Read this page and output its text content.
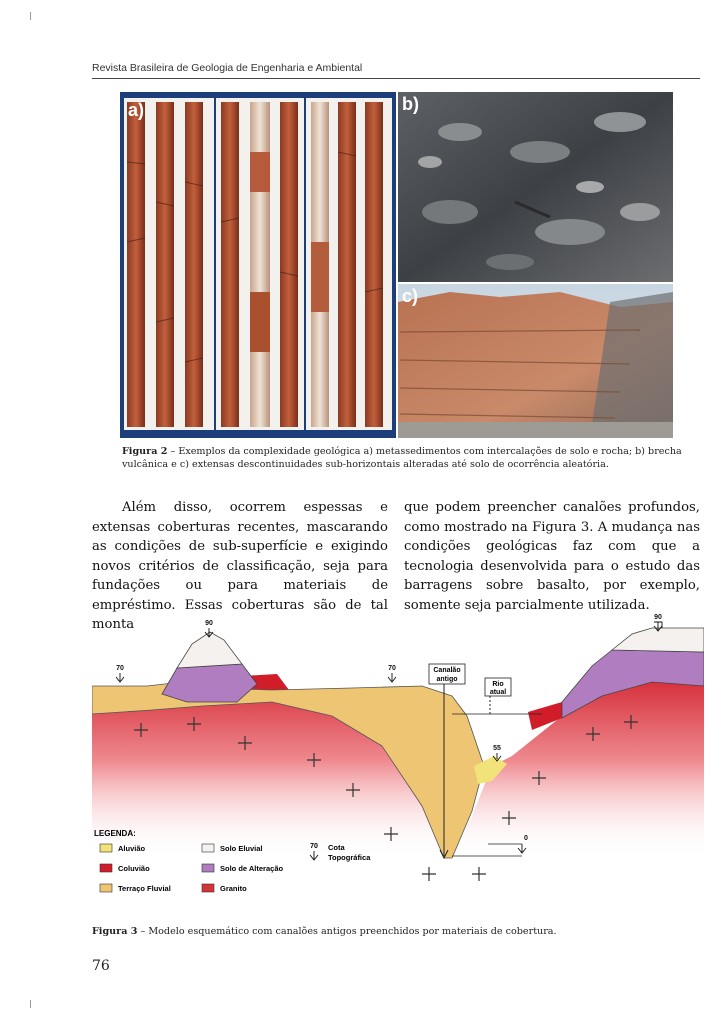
Revista Brasileira de Geologia de Engenharia e Ambiental
a)	b)
c)
Figura 2 – Exemplos da complexidade geológica a) metassedimentos com intercalações de solo e rocha; b) brecha vulcânica e c) extensas descontinuidades sub-horizontais alteradas até solo de ocorrência aleatória.

Além disso, ocorrem espessas e extensas coberturas recentes, mascarando as condições de sub-superfície e exigindo novos critérios de classificação, seja para fundações ou para materiais de empréstimo. Essas coberturas são de tal monta

que podem preencher canalões profundos, como mostrado na Figura 3. A mudança nas condições geológicas faz com que a tecnologia desenvolvida para o estudo das barragens sobre basalto, por exemplo, somente seja parcialmente utilizada.

Canalão
antigo
Rio
atual
90
90
70	70
55
0
LEGENDA:
Aluvião
Coluvião
Terraço Fluvial
Solo Eluvial
Solo de Alteração
Granito
70 Cota
Topográfica
Figura 3 – Modelo esquemático com canalões antigos preenchidos por materiais de cobertura.
76
